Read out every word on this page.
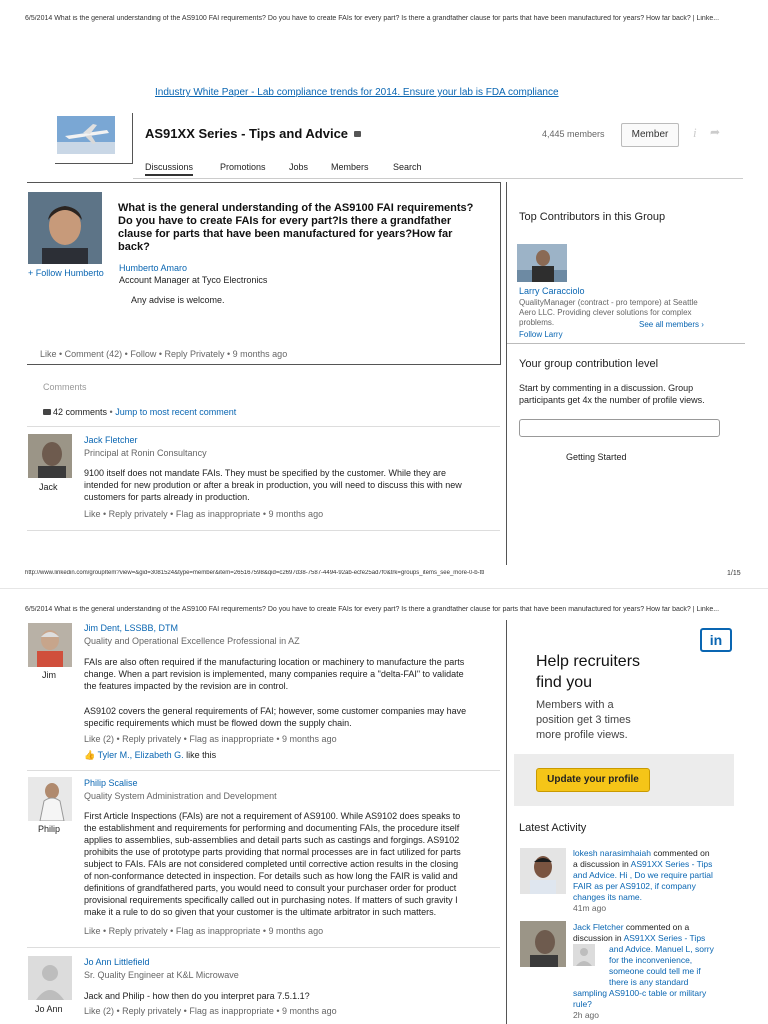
6/5/2014 What is the general understanding of the AS9100 FAI requirements? Do you have to create FAIs for every part? Is there a grandfather clause for parts that have been manufactured for years? How far back? | Linke...
Industry White Paper - Lab compliance trends for 2014. Ensure your lab is FDA compliance
AS91XX Series - Tips and Advice	4,445 members	Member	i ➦
Discussions	Promotions	Jobs	Members	Search
+ Follow Humberto
What is the general understanding of the AS9100 FAI requirements? Do you have to create FAIs for every part?Is there a grandfather clause for parts that have been manufactured for years?How far back?
Humberto Amaro
Account Manager at Tyco Electronics
Any advise is welcome.
Like • Comment (42) • Follow • Reply Privately • 9 months ago
Comments
42 comments • Jump to most recent comment
Jack
Jack Fletcher
Principal at Ronin Consultancy
9100 itself does not mandate FAIs. They must be specified by the customer. While they are
intended for new prodution or after a break in production, you will need to discuss this with new
customers for parts already in production.
Like • Reply privately • Flag as inappropriate • 9 months ago
Top Contributors in this Group
Larry Caracciolo
QualityManager (contract - pro tempore) at Seattle
Aero LLC. Providing clever solutions for complex
problems.	See all members ›
Follow Larry
Your group contribution level
Start by commenting in a discussion. Group
participants get 4x the number of profile views.
Getting Started
http://www.linkedin.com/groupItem?view=&gid=3081524&type=member&item=265167598&qid=c2697d38-7587-4494-92ab-ecfe25ad7f0&trk=groups_items_see_more-0-b-ttl	1/15
6/5/2014 What is the general understanding of the AS9100 FAI requirements? Do you have to create FAIs for every part? Is there a grandfather clause for parts that have been manufactured for years? How far back? | Linke...
Jim
Jim Dent, LSSBB, DTM
Quality and Operational Excellence Professional in AZ
FAIs are also often required if the manufacturing location or machinery to manufacture the parts
change. When a part revision is implemented, many companies require a "delta-FAI" to validate
the features impacted by the revision are in control.
AS9102 covers the general requirements of FAI; however, some customer companies may have
specific requirements which must be flowed down the supply chain.
Like (2) • Reply privately • Flag as inappropriate • 9 months ago
👍 Tyler M., Elizabeth G. like this
Philip
Philip Scalise
Quality System Administration and Development
First Article Inspections (FAIs) are not a requirement of AS9100. While AS9102 does speaks to
the establishment and requirements for performing and documenting FAIs, the procedure itself
applies to assemblies, sub-assemblies and detail parts such as castings and forgings. AS9102
prohibits the use of prototype parts providing that normal processes are in fact utilized for parts
subject to FAIs. FAIs are not considered completed until corrective action results in the closing
of non-conformance detected in inspection. For details such as how long the FAIR is valid and
definitions of grandfathered parts, you would need to consult your purchaser order for product
provisional requirements specifically called out in purchasing notes. If matters of such gravity I
make it a rule to do so given that your customer is the ultimate arbitrator in such matters.
Like • Reply privately • Flag as inappropriate • 9 months ago
Jo Ann
Jo Ann Littlefield
Sr. Quality Engineer at K&L Microwave
Jack and Philip - how then do you interpret para 7.5.1.1?
Like (2) • Reply privately • Flag as inappropriate • 9 months ago
in
Help recruiters
find you
Members with a
position get 3 times
more profile views.
Update your profile
Latest Activity
lokesh narasimhaiah commented on
a discussion in AS91XX Series - Tips
and Advice. Hi , Do we require partial
FAIR as per AS9102, if company
changes its name.
41m ago
Jack Fletcher commented on a
discussion in AS91XX Series - Tips
and Advice. Manuel L, sorry
for the inconvenience,
someone could tell me if
there is any standard
sampling AS9100-c table or military
rule?
2h ago
